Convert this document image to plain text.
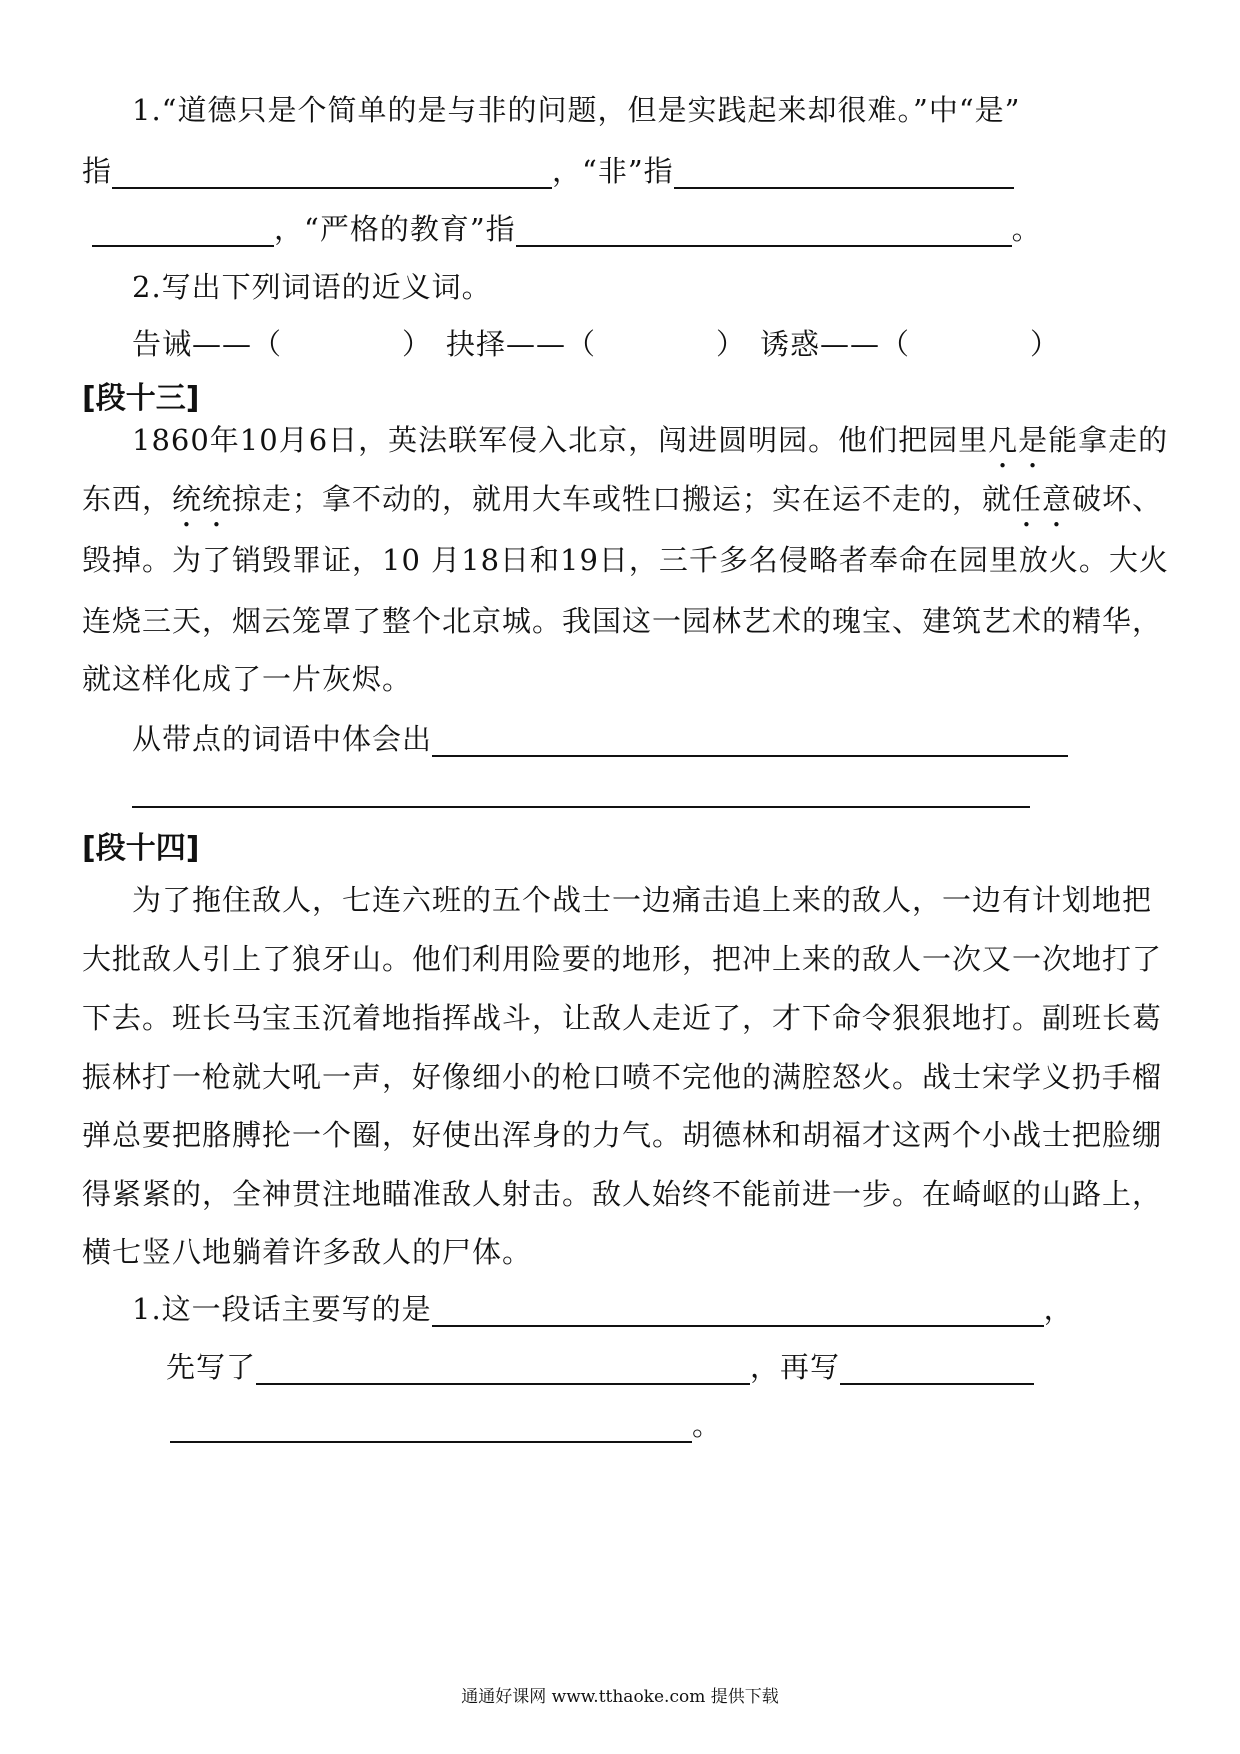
1.“道德只是个简单的是与非的问题，但是实践起来却很难。”中“是”
指	，“非”指
，“严格的教育”指	。
2.写出下列词语的近义词。
告诫——（	） 抉择——（	） 诱惑——（	）
[段十三]
1860年10月6日，英法联军侵入北京，闯进圆明园。他们把园里凡是能拿走的
东西，统统掠走；拿不动的，就用大车或牲口搬运；实在运不走的，就任意破坏、
毁掉。为了销毁罪证，10 月18日和19日，三千多名侵略者奉命在园里放火。大火
连烧三天，烟云笼罩了整个北京城。我国这一园林艺术的瑰宝、建筑艺术的精华，
就这样化成了一片灰烬。
从带点的词语中体会出
[段十四]
为了拖住敌人，七连六班的五个战士一边痛击追上来的敌人，一边有计划地把
大批敌人引上了狼牙山。他们利用险要的地形，把冲上来的敌人一次又一次地打了
下去。班长马宝玉沉着地指挥战斗，让敌人走近了，才下命令狠狠地打。副班长葛
振林打一枪就大吼一声，好像细小的枪口喷不完他的满腔怒火。战士宋学义扔手榴
弹总要把胳膊抡一个圈，好使出浑身的力气。胡德林和胡福才这两个小战士把脸绷
得紧紧的，全神贯注地瞄准敌人射击。敌人始终不能前进一步。在崎岖的山路上，
横七竖八地躺着许多敌人的尸体。
1.这一段话主要写的是	，
先写了	，再写
。
通通好课网 www.tthaoke.com 提供下载
